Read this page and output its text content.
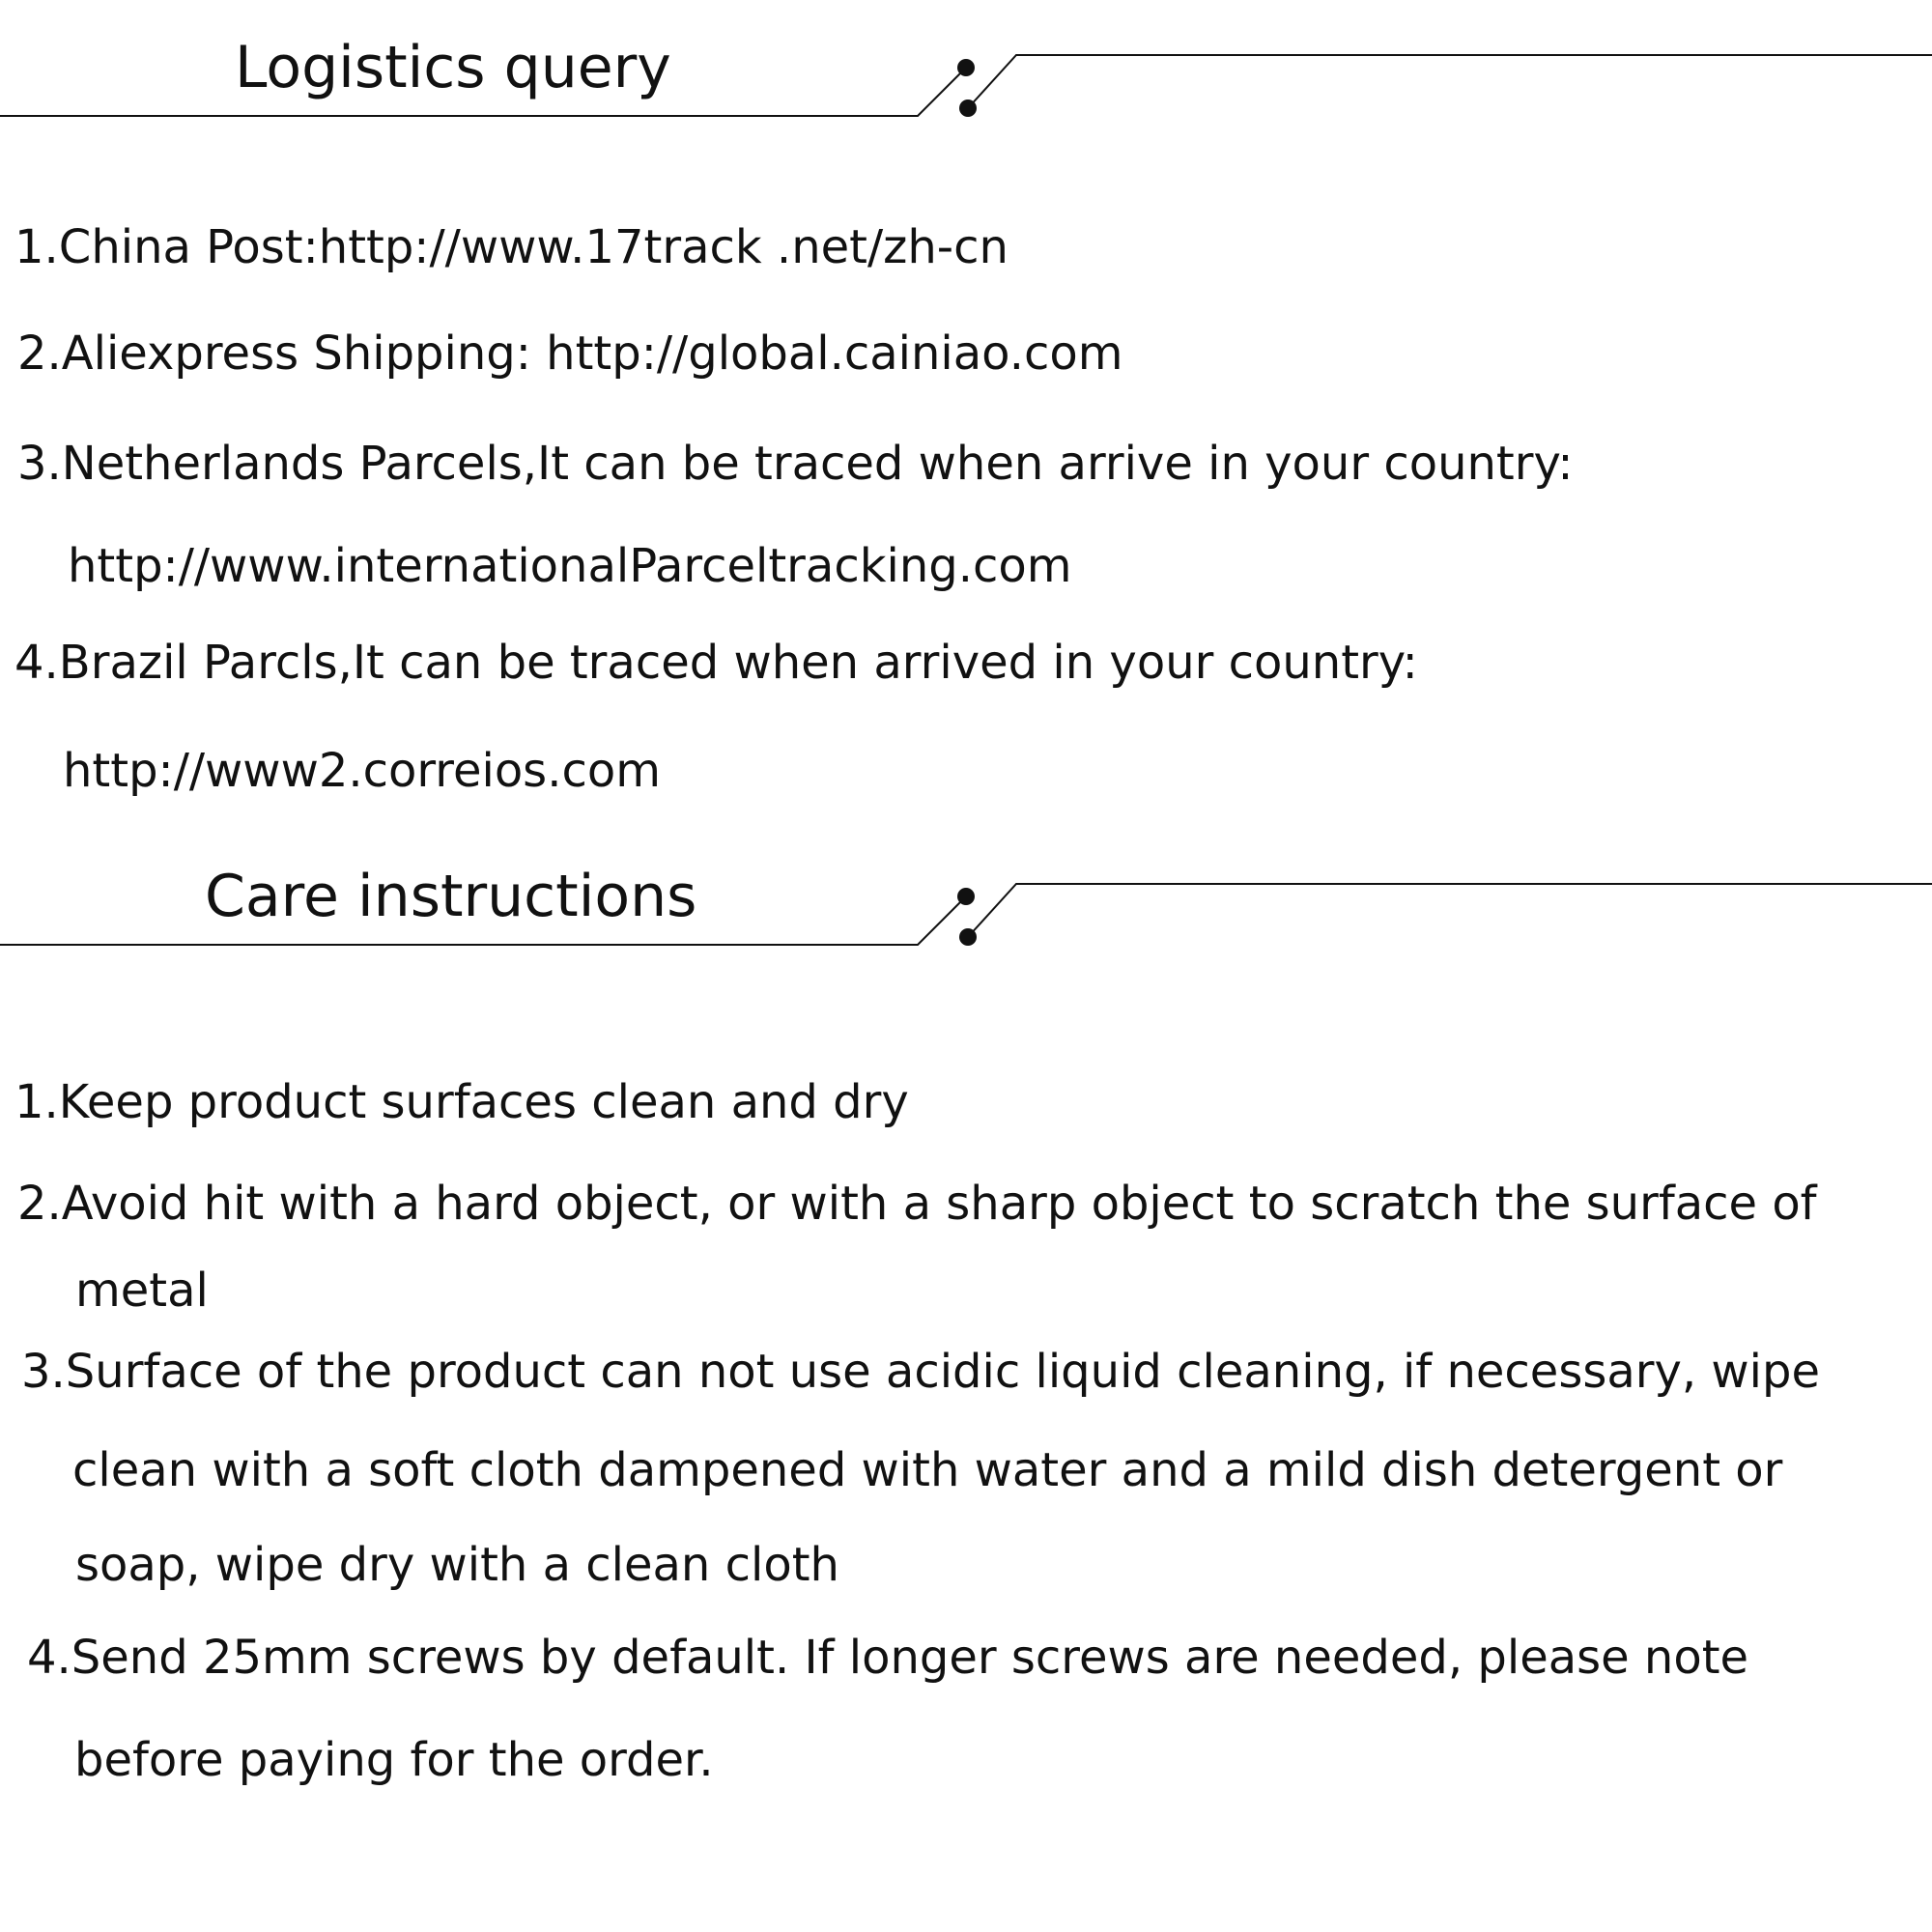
Logistics query
1.China Post:http://www.17track .net/zh-cn
2.Aliexpress Shipping: http://global.cainiao.com
3.Netherlands Parcels,It can be traced when arrive in your country:
http://www.internationalParceltracking.com
4.Brazil Parcls,It can be traced when arrived in your country:
http://www2.correios.com
Care instructions
1.Keep product surfaces clean and dry
2.Avoid hit with a hard object, or with a sharp object to scratch the surface of
metal
3.Surface of the product can not use acidic liquid cleaning, if necessary, wipe
clean with a soft cloth dampened with water and a mild dish detergent or
soap, wipe dry with a clean cloth
4.Send 25mm screws by default. If longer screws are needed, please note
before paying for the order.
